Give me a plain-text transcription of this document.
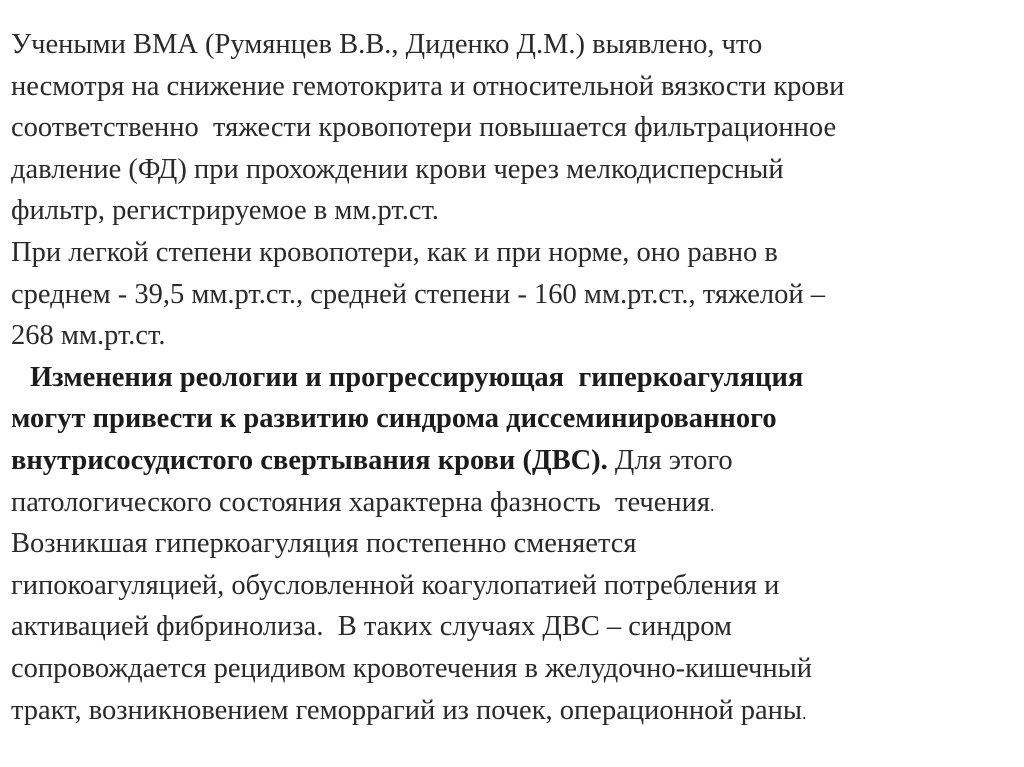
Учеными ВМА (Румянцев В.В., Диденко Д.М.) выявлено, что
несмотря на снижение гемотокрита и относительной вязкости крови
соответственно  тяжести кровопотери повышается фильтрационное
давление (ФД) при прохождении крови через мелкодисперсный
фильтр, регистрируемое в мм.рт.ст.
При легкой степени кровопотери, как и при норме, оно равно в
среднем - 39,5 мм.рт.ст., средней степени - 160 мм.рт.ст., тяжелой –
268 мм.рт.ст.
Изменения реологии и прогрессирующая  гиперкоагуляция
могут привести к развитию синдрома диссеминированного
внутрисосудистого свертывания крови (ДВС). Для этого
патологического состояния характерна фазность  течения.
Возникшая гиперкоагуляция постепенно сменяется
гипокоагуляцией, обусловленной коагулопатией потребления и
активацией фибринолиза.  В таких случаях ДВС – синдром
сопровождается рецидивом кровотечения в желудочно-кишечный
тракт, возникновением геморрагий из почек, операционной раны.
